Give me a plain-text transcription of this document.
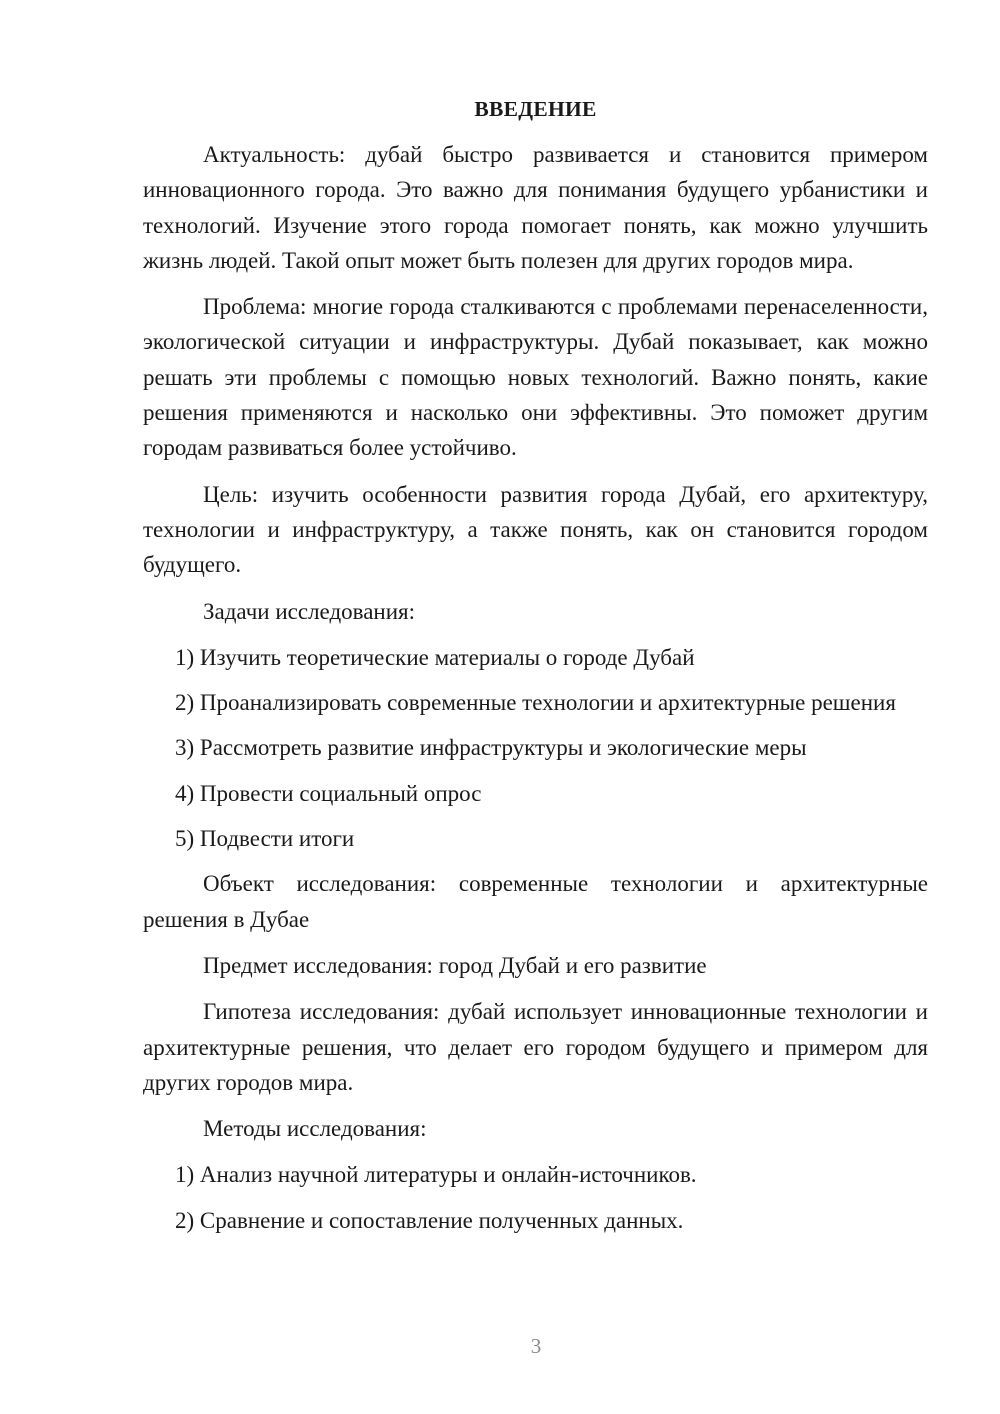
ВВЕДЕНИЕ

Актуальность: дубай быстро развивается и становится примером инновационного города. Это важно для понимания будущего урбанистики и технологий. Изучение этого города помогает понять, как можно улучшить жизнь людей. Такой опыт может быть полезен для других городов мира.

Проблема: многие города сталкиваются с проблемами перенаселенности, экологической ситуации и инфраструктуры. Дубай показывает, как можно решать эти проблемы с помощью новых технологий. Важно понять, какие решения применяются и насколько они эффективны. Это поможет другим городам развиваться более устойчиво.

Цель: изучить особенности развития города Дубай, его архитектуру, технологии и инфраструктуру, а также понять, как он становится городом будущего.

Задачи исследования:

1) Изучить теоретические материалы о городе Дубай

2) Проанализировать современные технологии и архитектурные решения

3) Рассмотреть развитие инфраструктуры и экологические меры

4) Провести социальный опрос

5) Подвести итоги

Объект исследования: современные технологии и архитектурные решения в Дубае

Предмет исследования: город Дубай и его развитие

Гипотеза исследования: дубай использует инновационные технологии и архитектурные решения, что делает его городом будущего и примером для других городов мира.

Методы исследования:

1) Анализ научной литературы и онлайн-источников.

2) Сравнение и сопоставление полученных данных.

3
